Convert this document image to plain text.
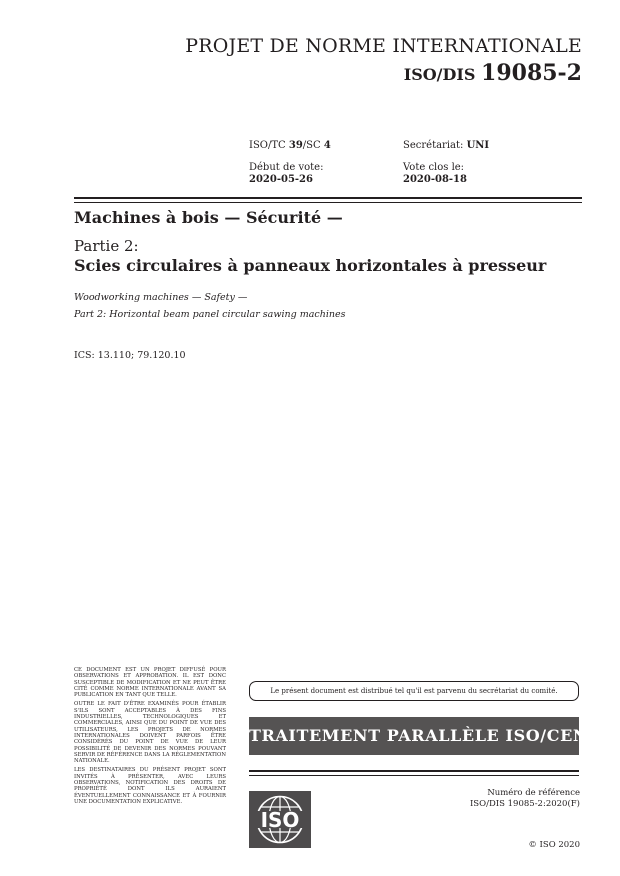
PROJET DE NORME INTERNATIONALE
ISO/DIS 19085-2
ISO/TC 39/SC 4	Secrétariat: UNI
Début de vote:
2020-05-26
Vote clos le:
2020-08-18
Machines à bois — Sécurité —
Partie 2:
Scies circulaires à panneaux horizontales à presseur
Woodworking machines — Safety —
Part 2: Horizontal beam panel circular sawing machines
ICS: 13.110; 79.120.10

CE DOCUMENT EST UN PROJET DIFFUSÉ POUR OBSERVATIONS ET APPROBATION. IL EST DONC SUSCEPTIBLE DE MODIFICATION ET NE PEUT ÊTRE CITÉ COMME NORME INTERNATIONALE AVANT SA PUBLICATION EN TANT QUE TELLE.

OUTRE LE FAIT D'ÊTRE EXAMINÉS POUR ÉTABLIR S'ILS SONT ACCEPTABLES À DES FINS INDUSTRIELLES, TECHNOLOGIQUES ET COMMERCIALES, AINSI QUE DU POINT DE VUE DES UTILISATEURS, LES PROJETS DE NORMES INTERNATIONALES DOIVENT PARFOIS ÊTRE CONSIDÉRÉS DU POINT DE VUE DE LEUR POSSIBILITÉ DE DEVENIR DES NORMES POUVANT SERVIR DE RÉFÉRENCE DANS LA RÉGLEMENTATION NATIONALE.

LES DESTINATAIRES DU PRÉSENT PROJET SONT INVITÉS À PRÉSENTER, AVEC LEURS OBSERVATIONS, NOTIFICATION DES DROITS DE PROPRIÉTÉ DONT ILS AURAIENT ÉVENTUELLEMENT CONNAISSANCE ET À FOURNIR UNE DOCUMENTATION EXPLICATIVE.

Le présent document est distribué tel qu'il est parvenu du secrétariat du comité.
TRAITEMENT PARALLÈLE ISO/CEN
ISO
Numéro de référence
ISO/DIS 19085-2:2020(F)
© ISO 2020
